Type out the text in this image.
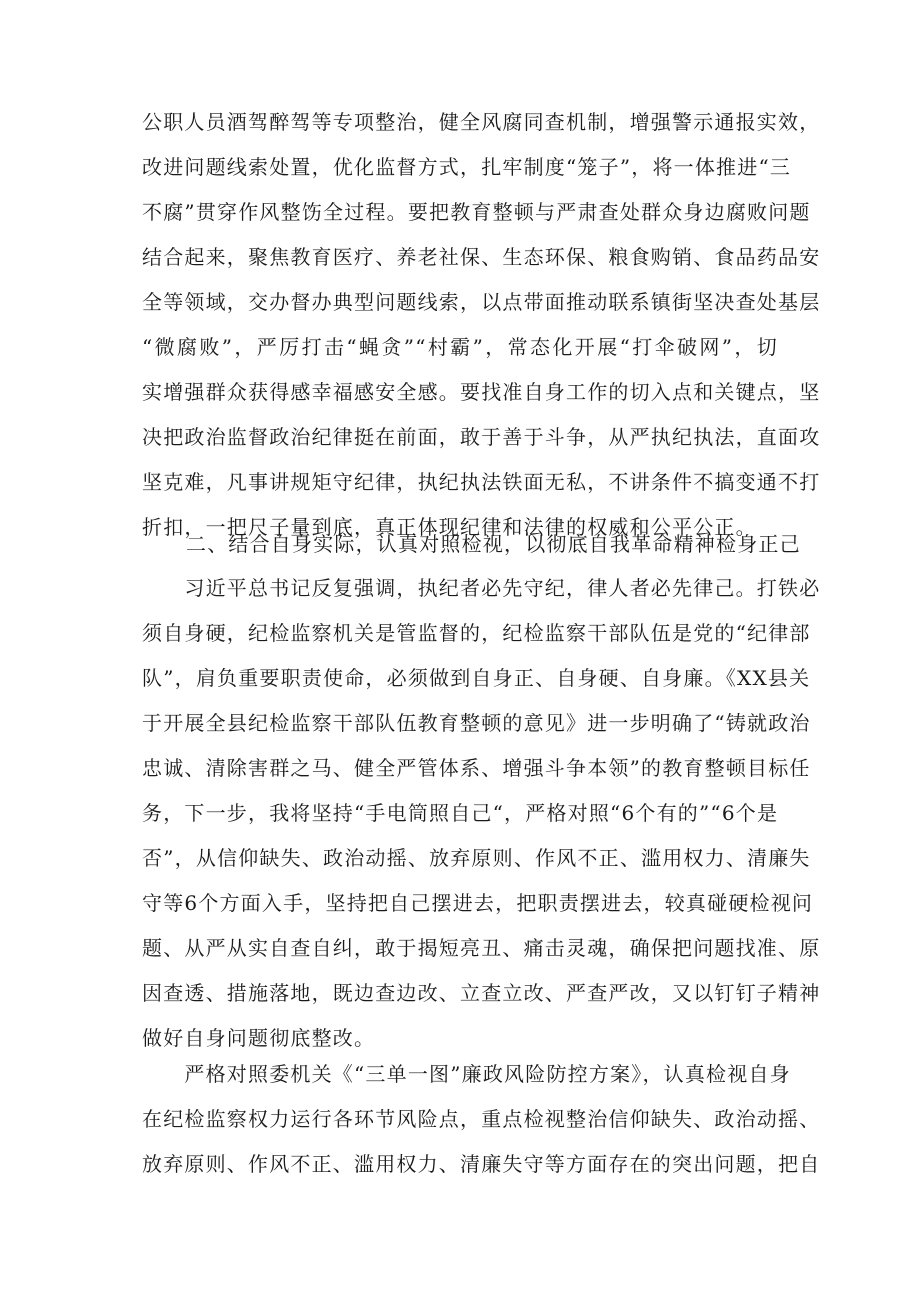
公职人员酒驾醉驾等专项整治，健全风腐同查机制，增强警示通报实效，
改进问题线索处置，优化监督方式，扎牢制度“笼子”，将一体推进“三
不腐”贯穿作风整饬全过程。要把教育整顿与严肃查处群众身边腐败问题
结合起来，聚焦教育医疗、养老社保、生态环保、粮食购销、食品药品安
全等领域，交办督办典型问题线索，以点带面推动联系镇街坚决查处基层
“微腐败”，严厉打击“蝇贪”“村霸”，常态化开展“打伞破网”，切
实增强群众获得感幸福感安全感。要找准自身工作的切入点和关键点，坚
决把政治监督政治纪律挺在前面，敢于善于斗争，从严执纪执法，直面攻
坚克难，凡事讲规矩守纪律，执纪执法铁面无私，不讲条件不搞变通不打
折扣，一把尺子量到底，真正体现纪律和法律的权威和公平公正。
二、结合自身实际，认真对照检视，以彻底自我革命精神检身正己
　　习近平总书记反复强调，执纪者必先守纪，律人者必先律己。打铁必
须自身硬，纪检监察机关是管监督的，纪检监察干部队伍是党的“纪律部
队”，肩负重要职责使命，必须做到自身正、自身硬、自身廉。《XX县关
于开展全县纪检监察干部队伍教育整顿的意见》进一步明确了“铸就政治
忠诚、清除害群之马、健全严管体系、增强斗争本领”的教育整顿目标任
务，下一步，我将坚持“手电筒照自己“，严格对照“6个有的”“6个是
否”，从信仰缺失、政治动摇、放弃原则、作风不正、滥用权力、清廉失
守等6个方面入手，坚持把自己摆进去，把职责摆进去，较真碰硬检视问
题、从严从实自查自纠，敢于揭短亮丑、痛击灵魂，确保把问题找准、原
因查透、措施落地，既边查边改、立查立改、严查严改，又以钉钉子精神
做好自身问题彻底整改。
　　严格对照委机关《“三单一图”廉政风险防控方案》，认真检视自身
在纪检监察权力运行各环节风险点，重点检视整治信仰缺失、政治动摇、
放弃原则、作风不正、滥用权力、清廉失守等方面存在的突出问题，把自
